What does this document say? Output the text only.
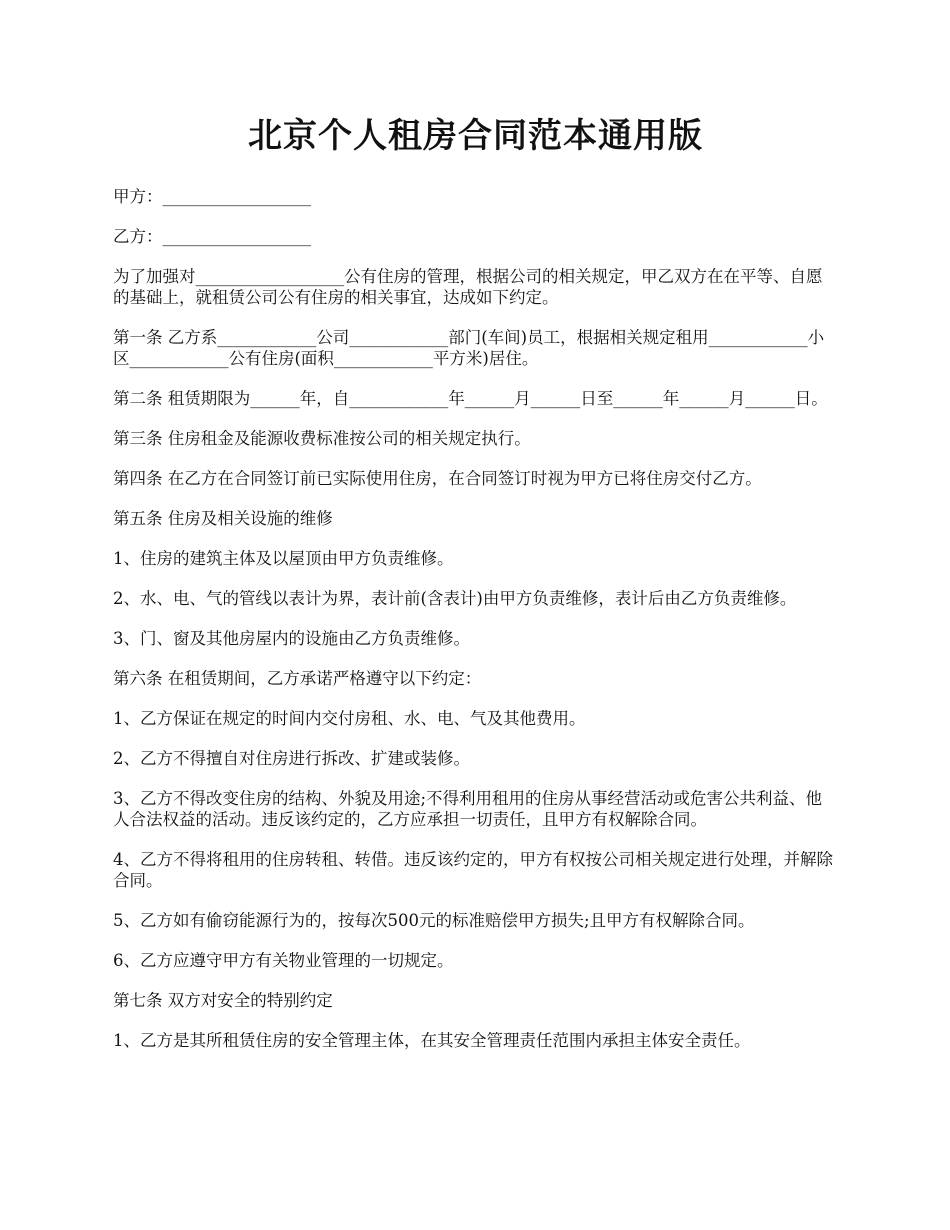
北京个人租房合同范本通用版

甲方：__________________

乙方：__________________

为了加强对__________________公有住房的管理，根据公司的相关规定，甲乙双方在在平等、自愿的基础上，就租赁公司公有住房的相关事宜，达成如下约定。

第一条 乙方系____________公司____________部门(车间)员工，根据相关规定租用____________小区____________公有住房(面积____________平方米)居住。

第二条 租赁期限为______年，自____________年______月______日至______年______月______日。

第三条 住房租金及能源收费标准按公司的相关规定执行。

第四条 在乙方在合同签订前已实际使用住房，在合同签订时视为甲方已将住房交付乙方。

第五条 住房及相关设施的维修

1、住房的建筑主体及以屋顶由甲方负责维修。

2、水、电、气的管线以表计为界，表计前(含表计)由甲方负责维修，表计后由乙方负责维修。

3、门、窗及其他房屋内的设施由乙方负责维修。

第六条 在租赁期间，乙方承诺严格遵守以下约定：

1、乙方保证在规定的时间内交付房租、水、电、气及其他费用。

2、乙方不得擅自对住房进行拆改、扩建或装修。

3、乙方不得改变住房的结构、外貌及用途;不得利用租用的住房从事经营活动或危害公共利益、他人合法权益的活动。违反该约定的，乙方应承担一切责任，且甲方有权解除合同。

4、乙方不得将租用的住房转租、转借。违反该约定的，甲方有权按公司相关规定进行处理，并解除合同。

5、乙方如有偷窃能源行为的，按每次500元的标准赔偿甲方损失;且甲方有权解除合同。

6、乙方应遵守甲方有关物业管理的一切规定。

第七条 双方对安全的特别约定

1、乙方是其所租赁住房的安全管理主体，在其安全管理责任范围内承担主体安全责任。
